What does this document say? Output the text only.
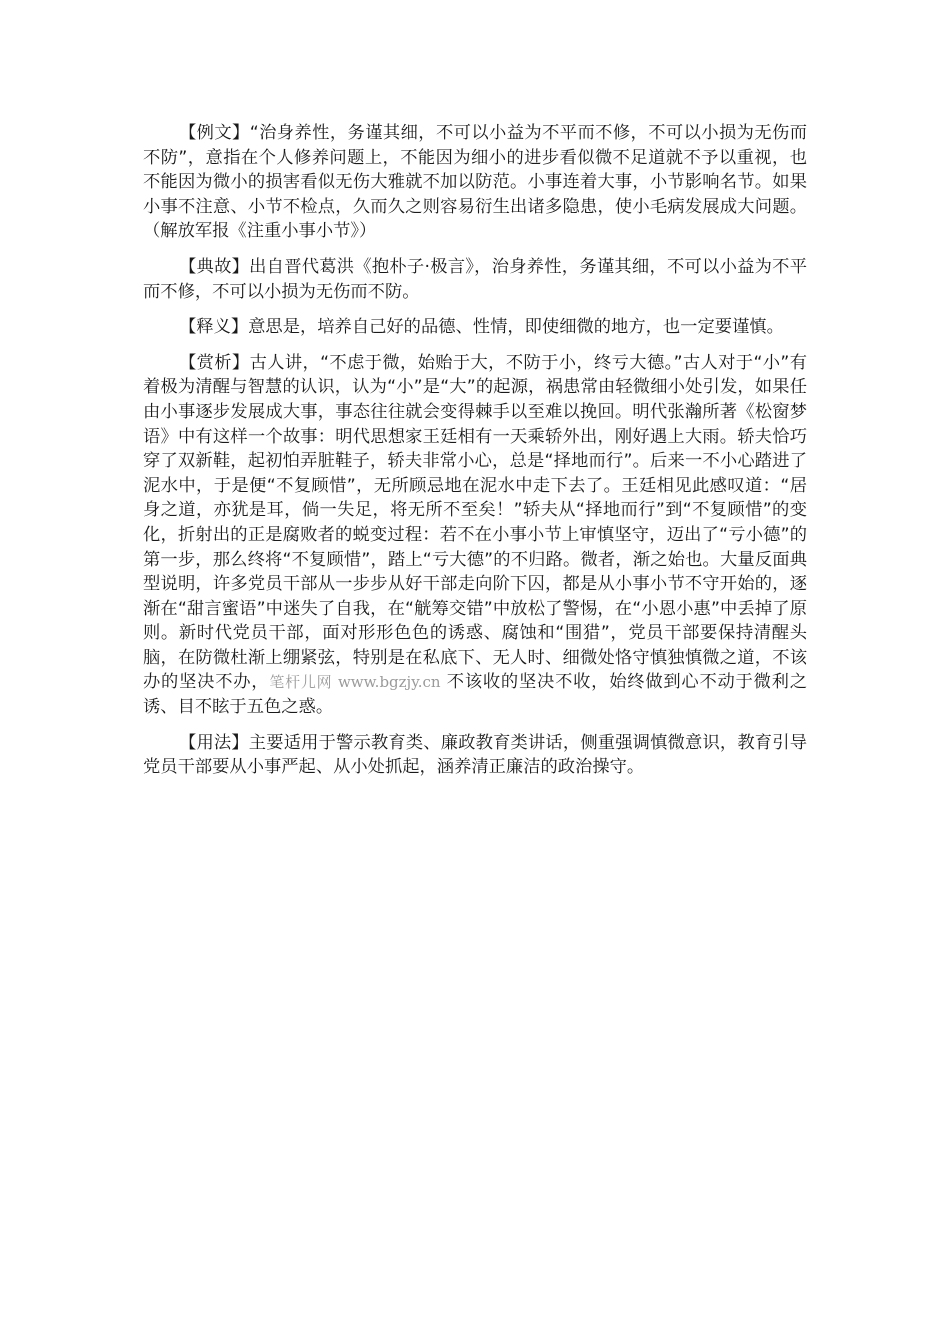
【例文】“治身养性，务谨其细，不可以小益为不平而不修，不可以小损为无伤而不防”，意指在个人修养问题上，不能因为细小的进步看似微不足道就不予以重视，也不能因为微小的损害看似无伤大雅就不加以防范。小事连着大事，小节影响名节。如果小事不注意、小节不检点，久而久之则容易衍生出诸多隐患，使小毛病发展成大问题。（解放军报《注重小事小节》）

【典故】出自晋代葛洪《抱朴子·极言》，治身养性，务谨其细，不可以小益为不平而不修，不可以小损为无伤而不防。

【释义】意思是，培养自己好的品德、性情，即使细微的地方，也一定要谨慎。

【赏析】古人讲，“不虑于微，始贻于大，不防于小，终亏大德。”古人对于“小”有着极为清醒与智慧的认识，认为“小”是“大”的起源，祸患常由轻微细小处引发，如果任由小事逐步发展成大事，事态往往就会变得棘手以至难以挽回。明代张瀚所著《松窗梦语》中有这样一个故事：明代思想家王廷相有一天乘轿外出，刚好遇上大雨。轿夫恰巧穿了双新鞋，起初怕弄脏鞋子，轿夫非常小心，总是“择地而行”。后来一不小心踏进了泥水中，于是便“不复顾惜”，无所顾忌地在泥水中走下去了。王廷相见此感叹道：“居身之道，亦犹是耳，倘一失足，将无所不至矣！”轿夫从“择地而行”到“不复顾惜”的变化，折射出的正是腐败者的蜕变过程：若不在小事小节上审慎坚守，迈出了“亏小德”的第一步，那么终将“不复顾惜”，踏上“亏大德”的不归路。微者，渐之始也。大量反面典型说明，许多党员干部从一步步从好干部走向阶下囚，都是从小事小节不守开始的，逐渐在“甜言蜜语”中迷失了自我，在“觥筹交错”中放松了警惕，在“小恩小惠”中丢掉了原则。新时代党员干部，面对形形色色的诱惑、腐蚀和“围猎”，党员干部要保持清醒头脑，在防微杜渐上绷紧弦，特别是在私底下、无人时、细微处恪守慎独慎微之道，不该办的坚决不办，笔杆儿网 www.bgzjy.cn 不该收的坚决不收，始终做到心不动于微利之诱、目不眩于五色之惑。

【用法】主要适用于警示教育类、廉政教育类讲话，侧重强调慎微意识，教育引导党员干部要从小事严起、从小处抓起，涵养清正廉洁的政治操守。
